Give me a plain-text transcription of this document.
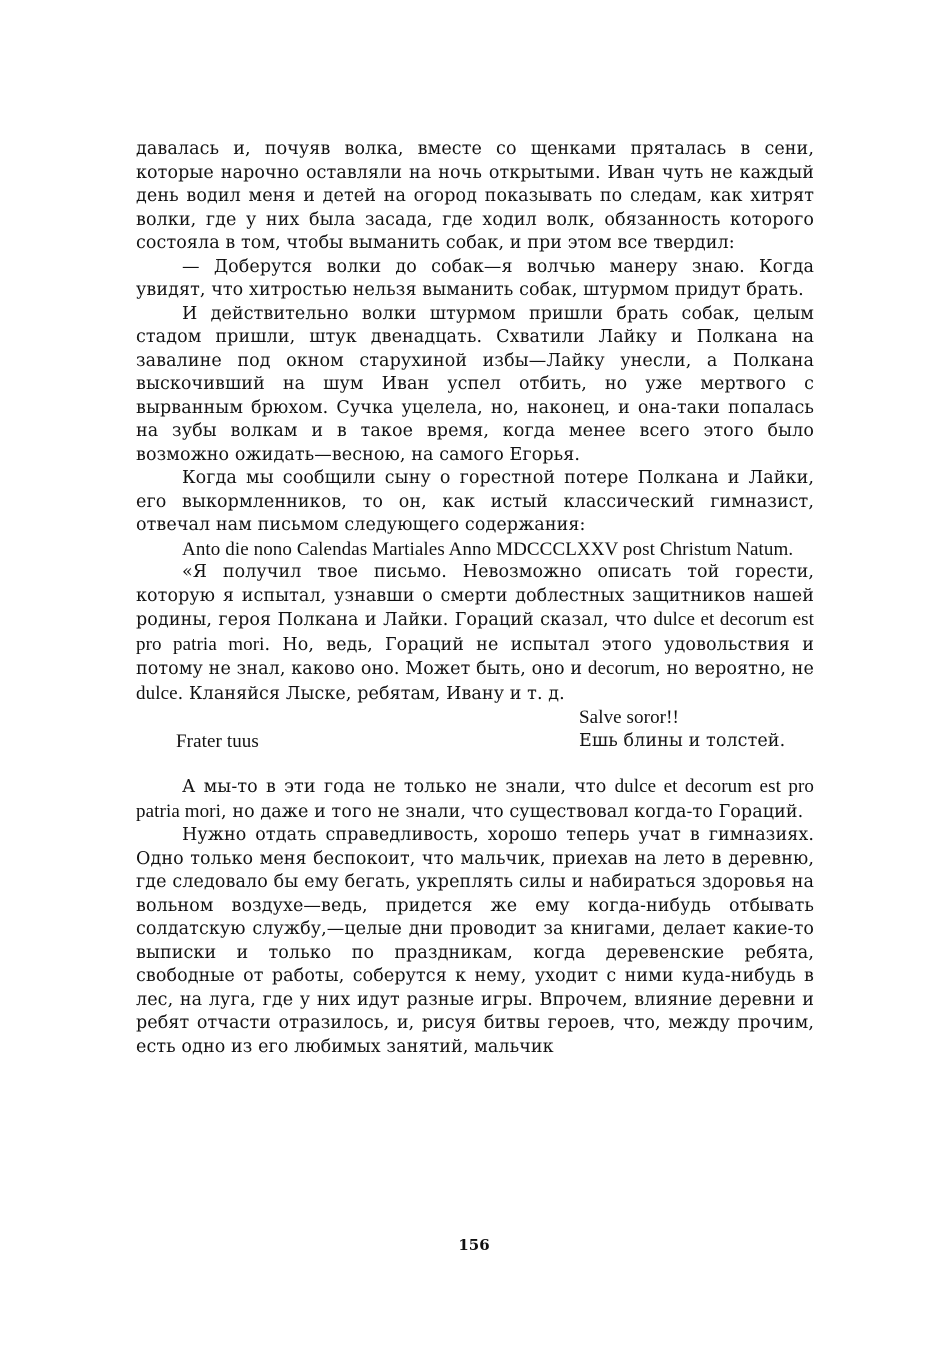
давалась и, почуяв волка, вместе со щенками пряталась в сени, которые нарочно оставляли на ночь открытыми. Иван чуть не каждый день водил меня и детей на огород показывать по следам, как хитрят волки, где у них была засада, где ходил волк, обязанность которого состояла в том, чтобы выманить собак, и при этом все твердил:

— Доберутся волки до собак—я волчью манеру знаю. Когда увидят, что хитростью нельзя выманить собак, штурмом придут брать.

И действительно волки штурмом пришли брать собак, целым стадом пришли, штук двенадцать. Схватили Лайку и Полкана на завалине под окном старухиной избы—Лайку унесли, а Полкана выскочивший на шум Иван успел отбить, но уже мертвого с вырванным брюхом. Сучка уцелела, но, наконец, и она-таки попалась на зубы волкам и в такое время, когда менее всего этого было возможно ожидать—весною, на самого Егорья.

Когда мы сообщили сыну о горестной потере Полкана и Лайки, его выкормленников, то он, как истый классический гимназист, отвечал нам письмом следующего содержания:

Anto die nono Calendas Martiales Anno MDCCCLXXV post Christum Natum.

«Я получил твое письмо. Невозможно описать той горести, которую я испытал, узнавши о смерти доблестных защитников нашей родины, героя Полкана и Лайки. Гораций сказал, что dulce et decorum est pro patria mori. Но, ведь, Гораций не испытал этого удовольствия и потому не знал, каково оно. Может быть, оно и decorum, но вероятно, не dulce. Кланяйся Лыске, ребятам, Ивану и т. д.

Salve soror!!
Frater tuus	Ешь блины и толстей.

А мы-то в эти года не только не знали, что dulce et decorum est pro patria mori, но даже и того не знали, что существовал когда-то Гораций.

Нужно отдать справедливость, хорошо теперь учат в гимназиях. Одно только меня беспокоит, что мальчик, приехав на лето в деревню, где следовало бы ему бегать, укреплять силы и набираться здоровья на вольном воздухе—ведь, придется же ему когда-нибудь отбывать солдатскую службу,—целые дни проводит за книгами, делает какие-то выписки и только по праздникам, когда деревенские ребята, свободные от работы, соберутся к нему, уходит с ними куда-нибудь в лес, на луга, где у них идут разные игры. Впрочем, влияние деревни и ребят отчасти отразилось, и, рисуя битвы героев, что, между прочим, есть одно из его любимых занятий, мальчик

156
